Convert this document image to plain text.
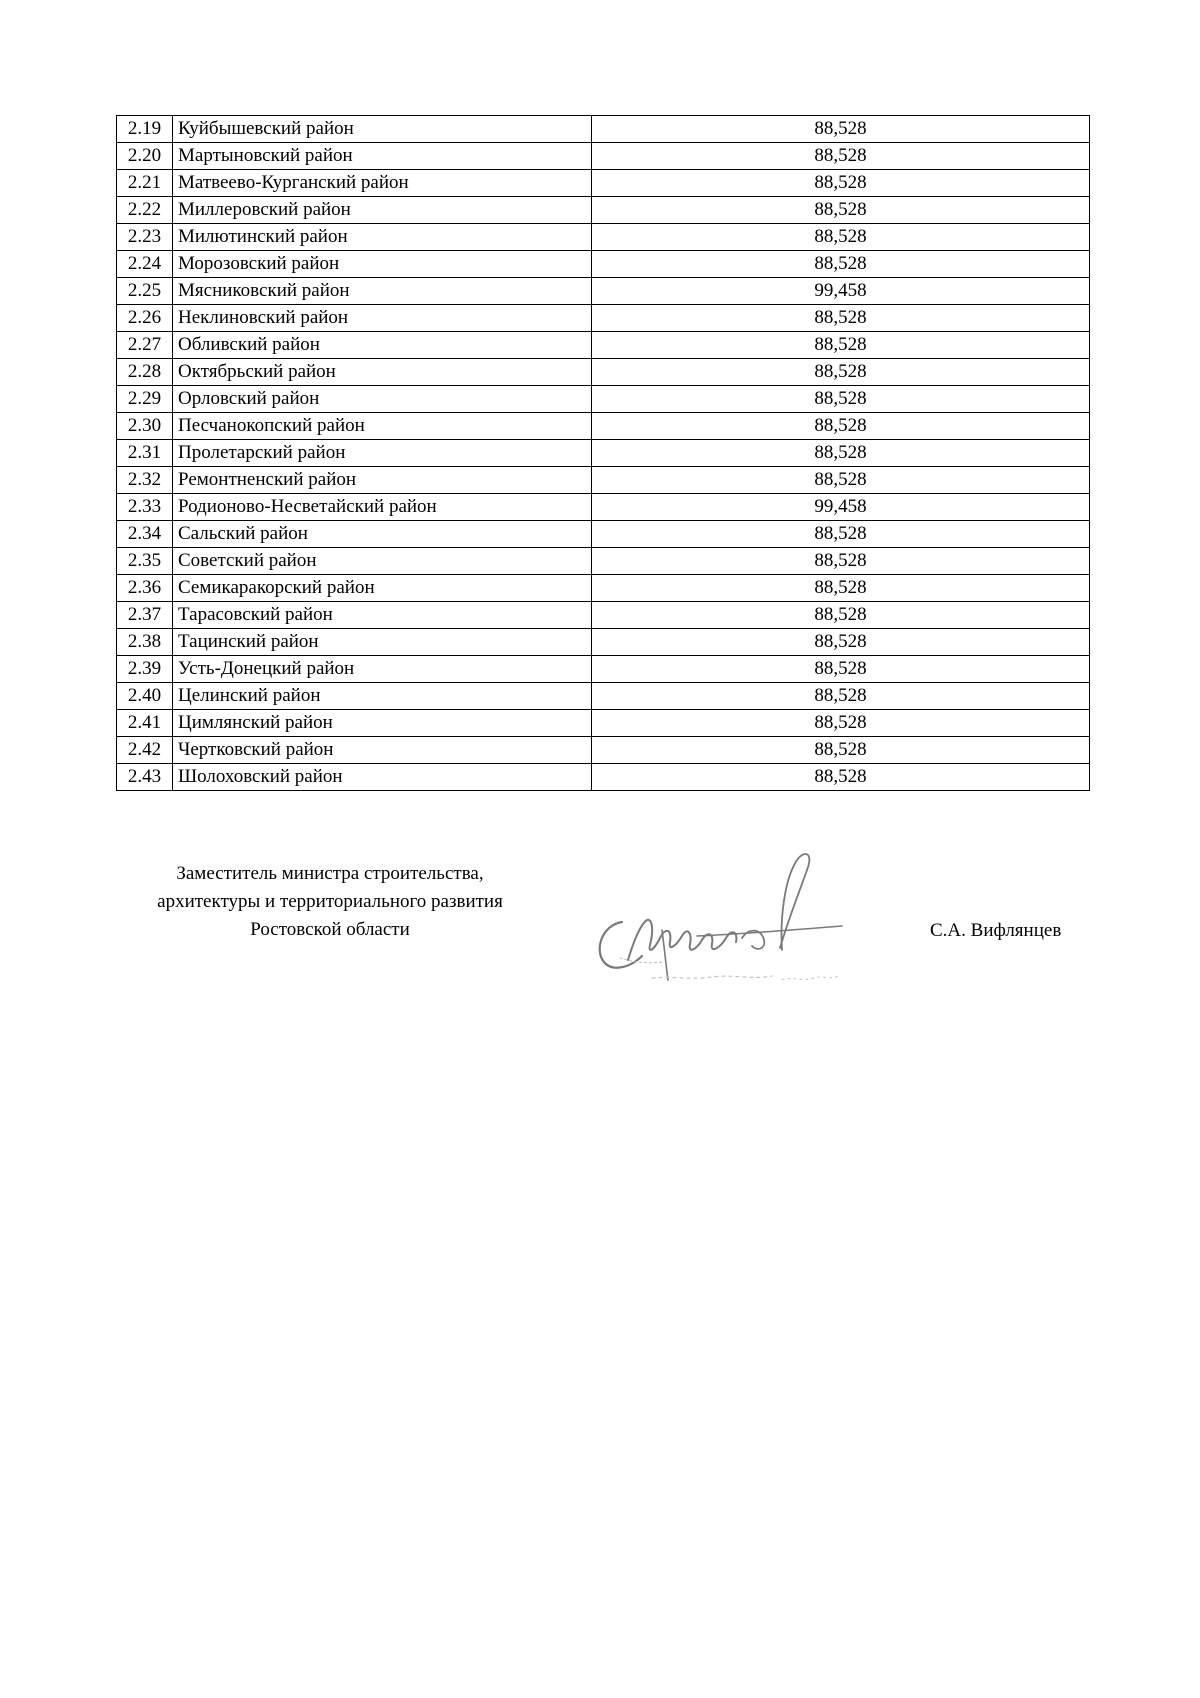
2.19	Куйбышевский район	88,528
2.20	Мартыновский район	88,528
2.21	Матвеево-Курганский район	88,528
2.22	Миллеровский район	88,528
2.23	Милютинский район	88,528
2.24	Морозовский район	88,528
2.25	Мясниковский район	99,458
2.26	Неклиновский район	88,528
2.27	Обливский район	88,528
2.28	Октябрьский район	88,528
2.29	Орловский район	88,528
2.30	Песчанокопский район	88,528
2.31	Пролетарский район	88,528
2.32	Ремонтненский район	88,528
2.33	Родионово-Несветайский район	99,458
2.34	Сальский район	88,528
2.35	Советский район	88,528
2.36	Семикаракорский район	88,528
2.37	Тарасовский район	88,528
2.38	Тацинский район	88,528
2.39	Усть-Донецкий район	88,528
2.40	Целинский район	88,528
2.41	Цимлянский район	88,528
2.42	Чертковский район	88,528
2.43	Шолоховский район	88,528
Заместитель министра строительства,
архитектуры и территориального развития
Ростовской области	С.А. Вифлянцев
